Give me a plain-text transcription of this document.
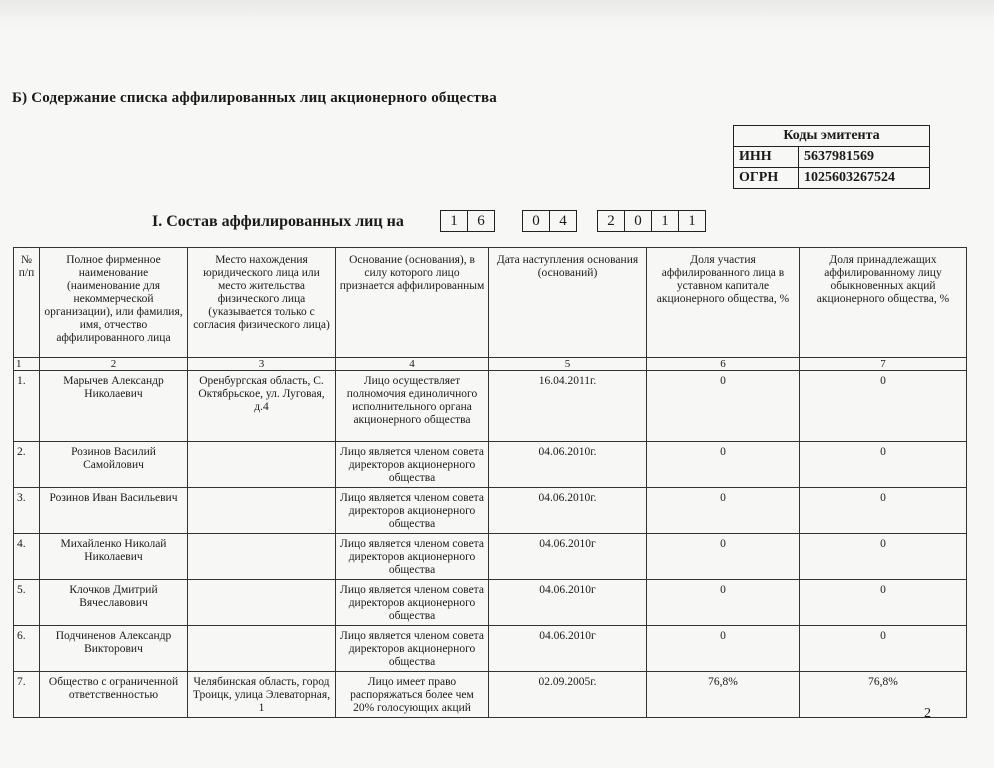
Б) Содержание списка аффилированных лиц акционерного общества
Коды эмитента	
ИНН	5637981569
ОГРН	1025603267524
I. Состав аффилированных лиц на	1	6	0	4	2	0	1	1
№ п/п	Полное фирменное наименование (наименование для некоммерческой организации), или фамилия, имя, отчество аффилированного лица	Место нахождения юридического лица или место жительства физического лица (указывается только с согласия физического лица)	Основание (основания), в силу которого лицо признается аффилированным	Дата наступления основания (оснований)	Доля участия аффилированного лица в уставном капитале акционерного общества, %	Доля принадлежащих аффилированному лицу обыкновенных акций акционерного общества, %
1	2	3	4	5	6	7
1.	Марычев Александр Николаевич	Оренбургская область, С. Октябрьское, ул. Луговая, д.4	Лицо осуществляет полномочия единоличного исполнительного органа акционерного общества	16.04.2011г.	0	0
2.	Розинов Василий Самойлович		Лицо является членом совета директоров акционерного общества	04.06.2010г.	0	0
3.	Розинов Иван Васильевич		Лицо является членом совета директоров акционерного общества	04.06.2010г.	0	0
4.	Михайленко Николай Николаевич		Лицо является членом совета директоров акционерного общества	04.06.2010г	0	0
5.	Клочков Дмитрий Вячеславович		Лицо является членом совета директоров акционерного общества	04.06.2010г	0	0
6.	Подчиненов Александр Викторович		Лицо является членом совета директоров акционерного общества	04.06.2010г	0	0
7.	Общество с ограниченной ответственностью	Челябинская область, город Троицк, улица Элеваторная, 1	Лицо имеет право распоряжаться более чем 20% голосующих акций	02.09.2005г.	76,8%	76,8%
2
